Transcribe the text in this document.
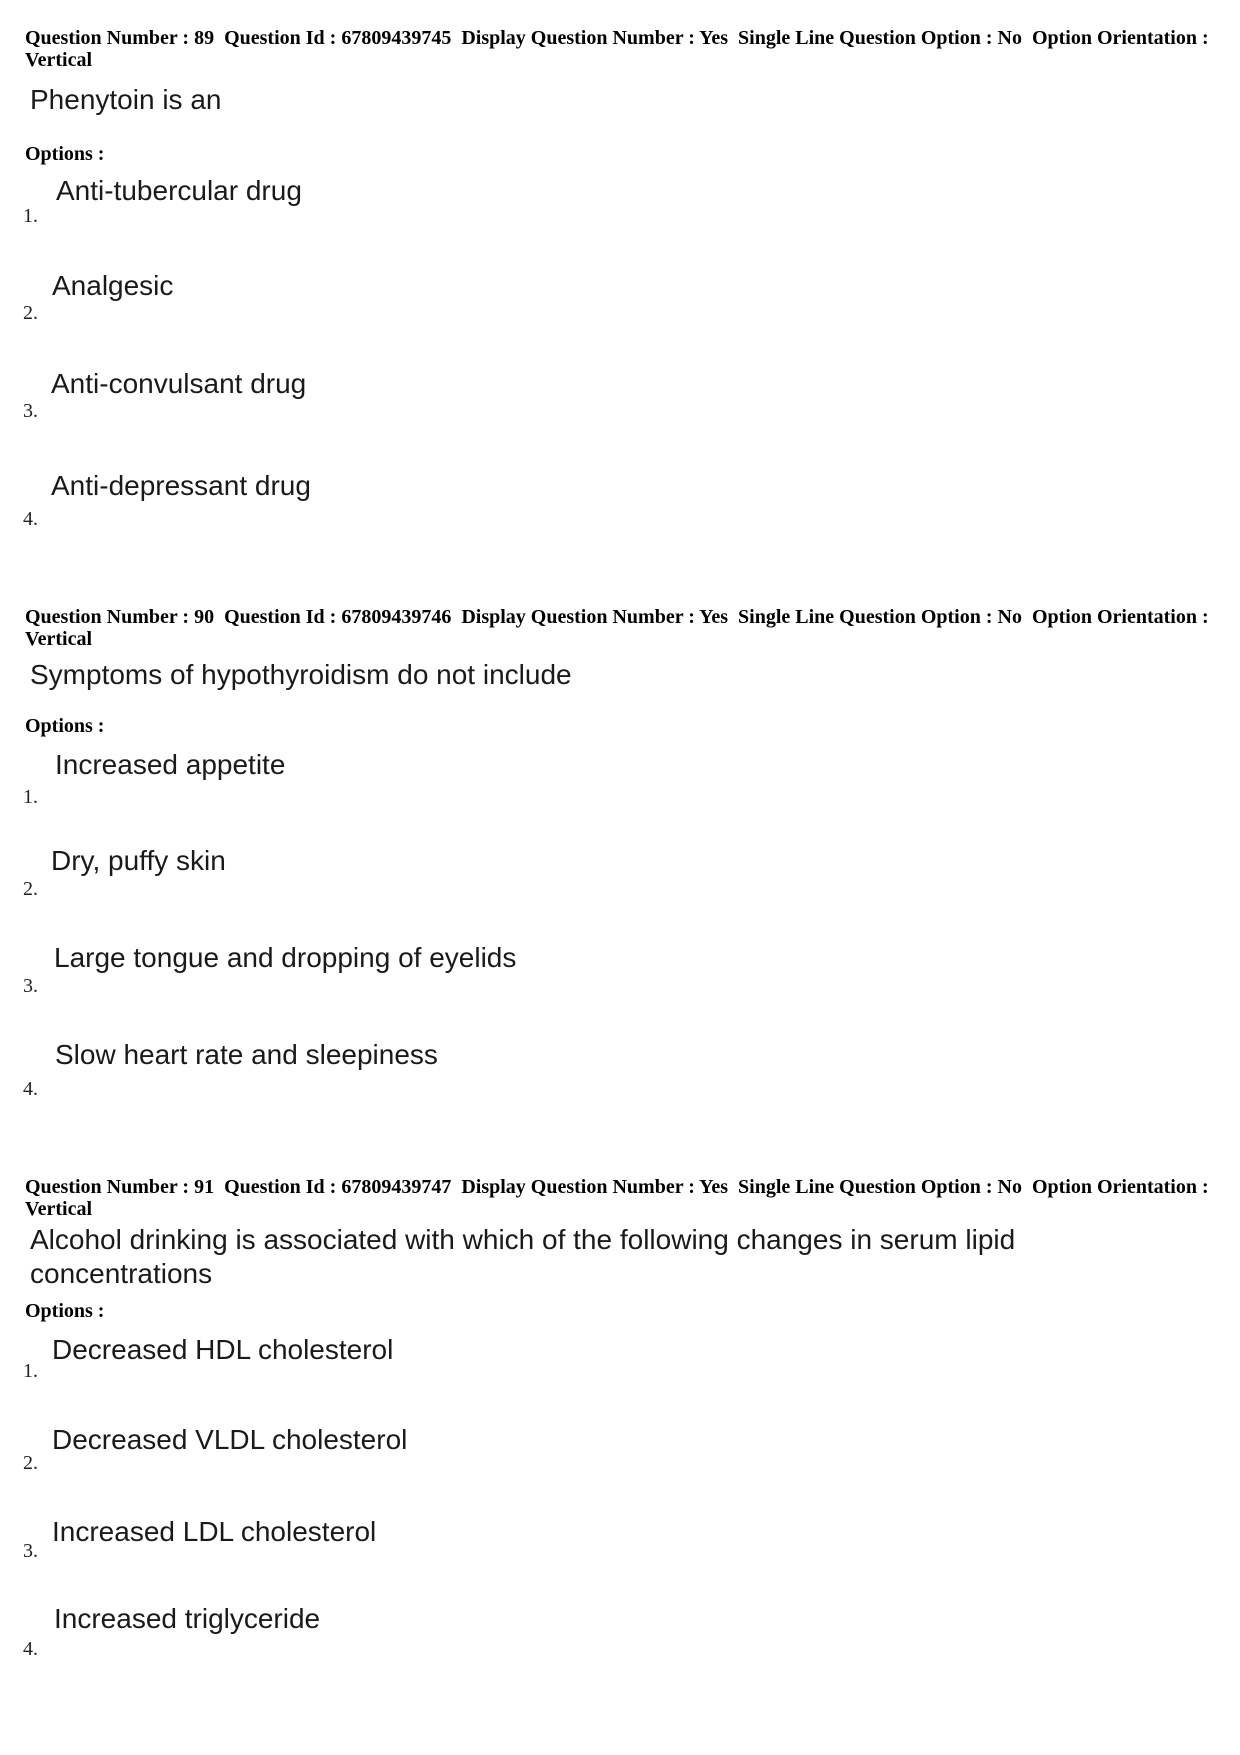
Question Number : 89  Question Id : 67809439745  Display Question Number : Yes  Single Line Question Option : No  Option Orientation : Vertical
Phenytoin is an
Options :
Anti-tubercular drug
1.
Analgesic
2.
Anti-convulsant drug
3.
Anti-depressant drug
4.
Question Number : 90  Question Id : 67809439746  Display Question Number : Yes  Single Line Question Option : No  Option Orientation : Vertical
Symptoms of hypothyroidism do not include
Options :
Increased appetite
1.
Dry, puffy skin
2.
Large tongue and dropping of eyelids
3.
Slow heart rate and sleepiness
4.
Question Number : 91  Question Id : 67809439747  Display Question Number : Yes  Single Line Question Option : No  Option Orientation : Vertical
Alcohol drinking is associated with which of the following changes in serum lipid concentrations
Options :
Decreased HDL cholesterol
1.
Decreased VLDL cholesterol
2.
Increased LDL cholesterol
3.
Increased triglyceride
4.
